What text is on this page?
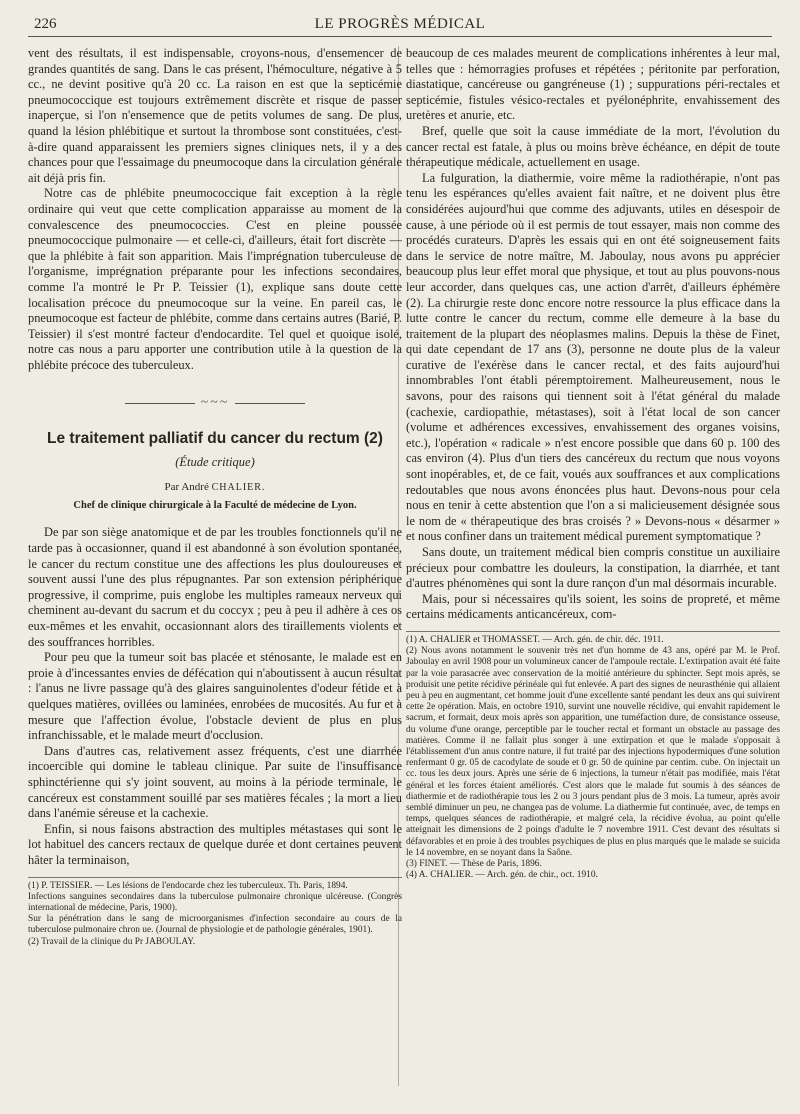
226	LE PROGRÈS MÉDICAL

vent des résultats, il est indispensable, croyons-nous, d'ensemencer de grandes quantités de sang. Dans le cas présent, l'hémoculture, négative à 5 cc., ne devint positive qu'à 20 cc. La raison en est que la septicémie pneumococcique est toujours extrêmement discrète et risque de passer inaperçue, si l'on n'ensemence que de petits volumes de sang. De plus, quand la lésion phlébitique et surtout la thrombose sont constituées, c'est-à-dire quand apparaissent les premiers signes cliniques nets, il y a des chances pour que l'essaimage du pneumocoque dans la circulation générale ait déjà pris fin.

Notre cas de phlébite pneumococcique fait exception à la règle ordinaire qui veut que cette complication apparaisse au moment de la convalescence des pneumococcies. C'est en pleine poussée pneumococcique pulmonaire — et celle-ci, d'ailleurs, était fort discrète — que la phlébite à fait son apparition. Mais l'imprégnation tuberculeuse de l'organisme, imprégnation préparante pour les infections secondaires, comme l'a montré le Pr P. Teissier (1), explique sans doute cette localisation précoce du pneumocoque sur la veine. En pareil cas, le pneumocoque est facteur de phlébite, comme dans certains autres (Barié, P. Teissier) il s'est montré facteur d'endocardite. Tel quel et quoique isolé, notre cas nous a paru apporter une contribution utile à la question de la phlébite précoce des tuberculeux.

~~~
Le traitement palliatif du cancer du rectum (2)
(Étude critique)
Par André CHALIER.
Chef de clinique chirurgicale à la Faculté de médecine de Lyon.

De par son siège anatomique et de par les troubles fonctionnels qu'il ne tarde pas à occasionner, quand il est abandonné à son évolution spontanée, le cancer du rectum constitue une des affections les plus douloureuses et souvent aussi l'une des plus répugnantes. Par son extension périphérique progressive, il comprime, puis englobe les multiples rameaux nerveux qui cheminent au-devant du sacrum et du coccyx ; peu à peu il adhère à ces os eux-mêmes et les envahit, occasionnant alors des tiraillements violents et des souffrances horribles.

Pour peu que la tumeur soit bas placée et sténosante, le malade est en proie à d'incessantes envies de défécation qui n'aboutissent à aucun résultat : l'anus ne livre passage qu'à des glaires sanguinolentes d'odeur fétide et à quelques matières, ovillées ou laminées, enrobées de mucosités. Au fur et à mesure que l'affection évolue, l'obstacle devient de plus en plus infranchissable, et le malade meurt d'occlusion.

Dans d'autres cas, relativement assez fréquents, c'est une diarrhée incoercible qui domine le tableau clinique. Par suite de l'insuffisance sphinctérienne qui s'y joint souvent, au moins à la période terminale, le cancéreux est constamment souillé par ses matières fécales ; la mort a lieu dans l'anémie séreuse et la cachexie.

Enfin, si nous faisons abstraction des multiples métastases qui sont le lot habituel des cancers rectaux de quelque durée et dont certaines peuvent hâter la terminaison,

(1) P. TEISSIER. — Les lésions de l'endocarde chez les tuberculeux. Th. Paris, 1894.

Infections sanguines secondaires dans la tuberculose pulmonaire chronique ulcéreuse. (Congrès international de médecine, Paris, 1900).

Sur la pénétration dans le sang de microorganismes d'infection secondaire au cours de la tuberculose pulmonaire chron ue. (Journal de physiologie et de pathologie générales, 1901).

(2) Travail de la clinique du Pr JABOULAY.

beaucoup de ces malades meurent de complications inhérentes à leur mal, telles que : hémorragies profuses et répétées ; péritonite par perforation, diastatique, cancéreuse ou gangréneuse (1) ; suppurations péri-rectales et septicémie, fistules vésico-rectales et pyélonéphrite, envahissement des uretères et anurie, etc.

Bref, quelle que soit la cause immédiate de la mort, l'évolution du cancer rectal est fatale, à plus ou moins brève échéance, en dépit de toute thérapeutique médicale, actuellement en usage.

La fulguration, la diathermie, voire même la radiothérapie, n'ont pas tenu les espérances qu'elles avaient fait naître, et ne doivent plus être considérées aujourd'hui que comme des adjuvants, utiles en désespoir de cause, à une période où il est permis de tout essayer, mais non comme des procédés curateurs. D'après les essais qui en ont été soigneusement faits dans le service de notre maître, M. Jaboulay, nous avons pu apprécier beaucoup plus leur effet moral que physique, et tout au plus pouvons-nous leur accorder, dans quelques cas, une action d'arrêt, d'ailleurs éphémère (2). La chirurgie reste donc encore notre ressource la plus efficace dans la lutte contre le cancer du rectum, comme elle demeure à la base du traitement de la plupart des néoplasmes malins. Depuis la thèse de Finet, qui date cependant de 17 ans (3), personne ne doute plus de la valeur curative de l'exérèse dans le cancer rectal, et des faits aujourd'hui innombrables l'ont établi péremptoirement. Malheureusement, nous le savons, pour des raisons qui tiennent soit à l'état général du malade (cachexie, cardiopathie, métastases), soit à l'état local de son cancer (volume et adhérences excessives, envahissement des organes voisins, etc.), l'opération « radicale » n'est encore possible que dans 60 p. 100 des cas environ (4). Plus d'un tiers des cancéreux du rectum que nous voyons sont inopérables, et, de ce fait, voués aux souffrances et aux complications redoutables que nous avons énoncées plus haut. Devons-nous pour cela nous en tenir à cette abstention que l'on a si malicieusement désignée sous le nom de « thérapeutique des bras croisés ? » Devons-nous « désarmer » et nous confiner dans un traitement médical purement symptomatique ?

Sans doute, un traitement médical bien compris constitue un auxiliaire précieux pour combattre les douleurs, la constipation, la diarrhée, et tant d'autres phénomènes qui sont la dure rançon d'un mal désormais incurable.

Mais, pour si nécessaires qu'ils soient, les soins de propreté, et même certains médicaments anticancéreux, com-

(1) A. CHALIER et THOMASSET. — Arch. gén. de chir. déc. 1911.

(2) Nous avons notamment le souvenir très net d'un homme de 43 ans, opéré par M. le Prof. Jaboulay en avril 1908 pour un volumineux cancer de l'ampoule rectale. L'extirpation avait été faite par la voie parasacrée avec conservation de la moitié antérieure du sphincter. Sept mois après, se produisit une petite récidive périnéale qui fut enlevée. A part des signes de neurasthénie qui allaient peu à peu en augmentant, cet homme jouit d'une excellente santé pendant les deux ans qui suivirent cette 2e opération. Mais, en octobre 1910, survint une nouvelle récidive, qui envahit rapidement le sacrum, et formait, deux mois après son apparition, une tuméfaction dure, de consistance osseuse, du volume d'une orange, perceptible par le toucher rectal et formant un obstacle au passage des matières. Comme il ne fallait plus songer à une extirpation et que le malade s'opposait à l'établissement d'un anus contre nature, il fut traité par des injections hypodermiques d'une solution renfermant 0 gr. 05 de cacodylate de soude et 0 gr. 50 de quinine par centim. cube. On injectait un cc. tous les deux jours. Après une série de 6 injections, la tumeur n'était pas modifiée, mais l'état général et les forces étaient améliorés. C'est alors que le malade fut soumis à des séances de diathermie et de radiothérapie tous les 2 ou 3 jours pendant plus de 3 mois. La tumeur, après avoir semblé diminuer un peu, ne changea pas de volume. La diathermie fut continuée, avec, de temps en temps, quelques séances de radiothérapie, et malgré cela, la récidive évolua, au point qu'elle atteignait les dimensions de 2 poings d'adulte le 7 novembre 1911. C'est devant des résultats si défavorables et en proie à des troubles psychiques de plus en plus marqués que le malade se suicida le 14 novembre, en se noyant dans la Saône.

(3) FINET. — Thèse de Paris, 1896.

(4) A. CHALIER. — Arch. gén. de chir., oct. 1910.
